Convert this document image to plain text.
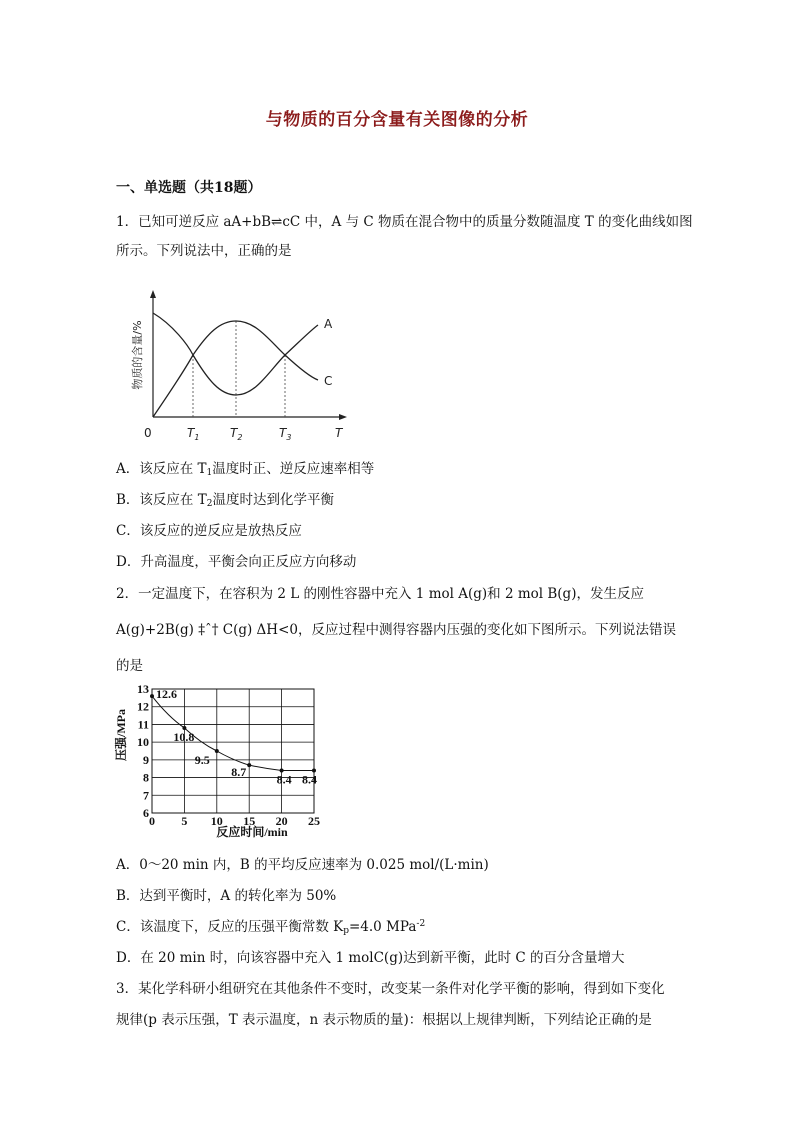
与物质的百分含量有关图像的分析
一、单选题（共18题）
1．已知可逆反应 aA+bB⇌cC 中，A 与 C 物质在混合物中的质量分数随温度 T 的变化曲线如图
所示。下列说法中，正确的是
A
C
0	T
$T_1$	$T_2$	$T_3$
物质的含量/%
A．该反应在 $T_1$温度时正、逆反应速率相等
B．该反应在 $T_2$温度时达到化学平衡
C．该反应的逆反应是放热反应
D．升高温度，平衡会向正反应方向移动
2．一定温度下，在容积为 2 L 的刚性容器中充入 1 mol A(g)和 2 mol B(g)，发生反应
A(g)+2B(g) ‡ˆ† C(g) ΔH<0，反应过程中测得容器内压强的变化如下图所示。下列说法错误
的是
6
7
8
9
10
11
12
13
0 5 10 15 20 25
12.6
10.8
9.5
8.7
8.4 8.4
反应时间/min
压强/MPa
A．0～20 min 内，B 的平均反应速率为 0.025 mol/(L·min)
B．达到平衡时，A 的转化率为 50%
C．该温度下，反应的压强平衡常数 $K_p=4.0$ MPa$^{-2}$
D．在 20 min 时，向该容器中充入 1 molC(g)达到新平衡，此时 C 的百分含量增大
3．某化学科研小组研究在其他条件不变时，改变某一条件对化学平衡的影响，得到如下变化
规律(p 表示压强，T 表示温度，n 表示物质的量)：根据以上规律判断，下列结论正确的是
